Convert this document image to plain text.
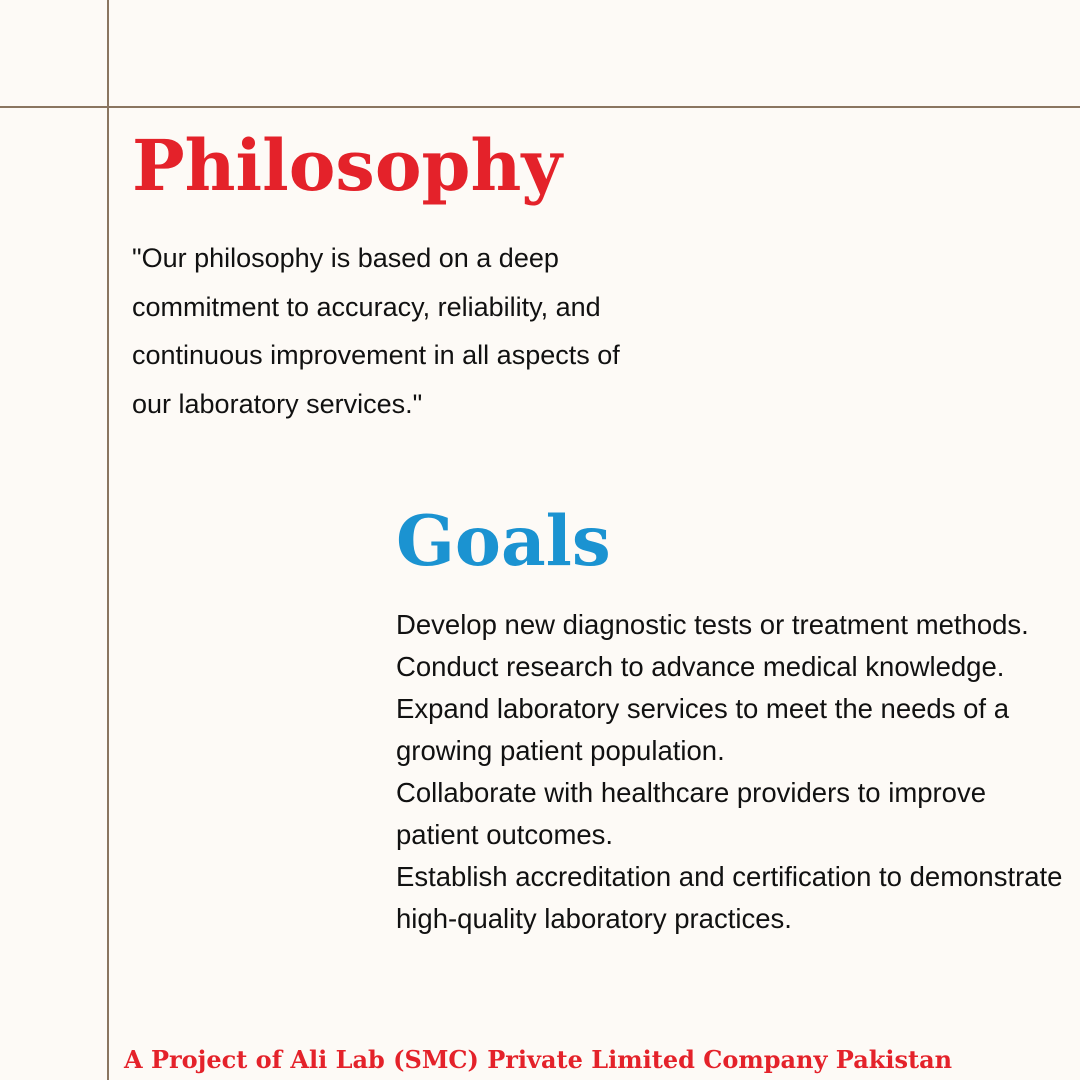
Philosophy

"Our philosophy is based on a deep commitment to accuracy, reliability, and continuous improvement in all aspects of our laboratory services."

Goals
Develop new diagnostic tests or treatment methods.
Conduct research to advance medical knowledge.
Expand laboratory services to meet the needs of a growing patient population.
Collaborate with healthcare providers to improve patient outcomes.
Establish accreditation and certification to demonstrate high-quality laboratory practices.

A Project of Ali Lab (SMC) Private Limited Company Pakistan
